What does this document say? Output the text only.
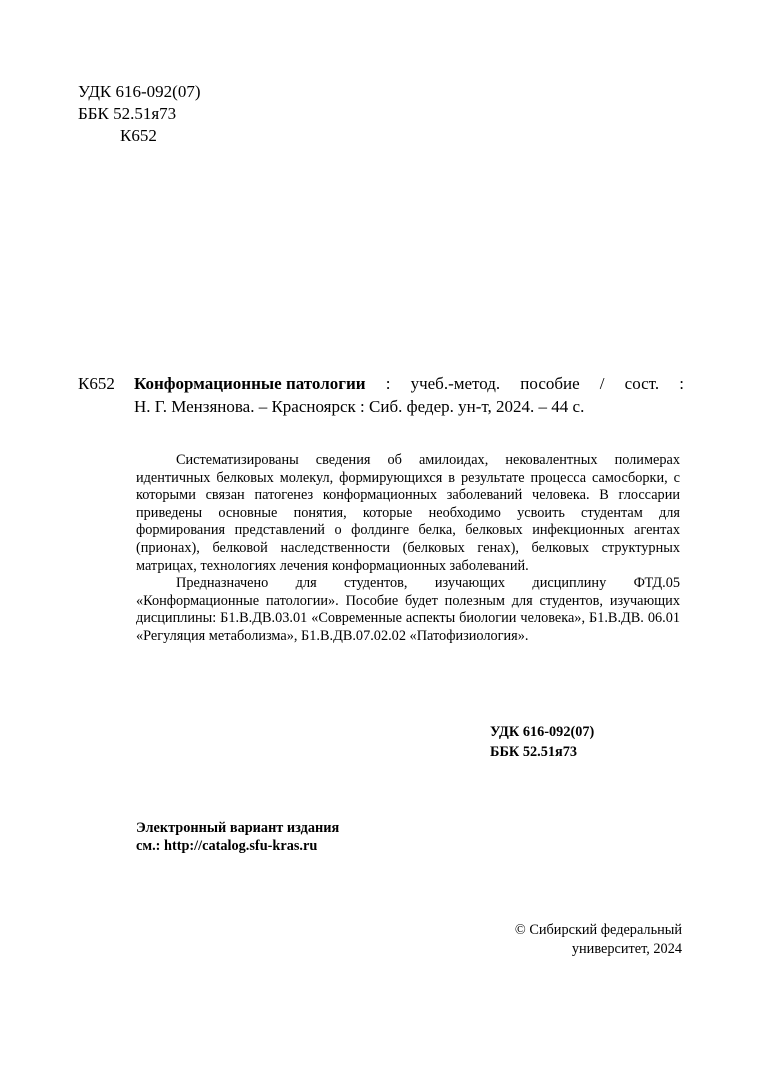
УДК 616-092(07)
ББК 52.51я73
К652
К652 Конформационные патологии : учеб.-метод. пособие / сост. :
Н. Г. Мензянова. – Красноярск : Сиб. федер. ун-т, 2024. – 44 с.

Систематизированы сведения об амилоидах, нековалентных полимерах идентичных белковых молекул, формирующихся в результате процесса самосборки, с которыми связан патогенез конформационных заболеваний человека. В глоссарии приведены основные понятия, которые необходимо усвоить студентам для формирования представлений о фолдинге белка, белковых инфекционных агентах (прионах), белковой наследственности (белковых генах), белковых структурных матрицах, технологиях лечения конформационных заболеваний.

Предназначено для студентов, изучающих дисциплину ФТД.05 «Конформационные патологии». Пособие будет полезным для студентов, изучающих дисциплины: Б1.В.ДВ.03.01 «Современные аспекты биологии человека», Б1.В.ДВ. 06.01 «Регуляция метаболизма», Б1.В.ДВ.07.02.02 «Патофизиология».

УДК 616-092(07)
ББК 52.51я73
Электронный вариант издания
см.: http://catalog.sfu-kras.ru
© Сибирский федеральный
университет, 2024
